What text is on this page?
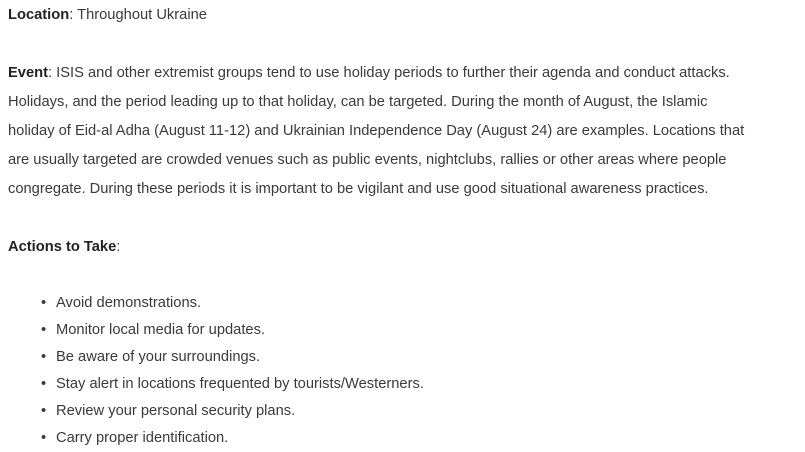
Location: Throughout Ukraine

Event: ISIS and other extremist groups tend to use holiday periods to further their agenda and conduct attacks. Holidays, and the period leading up to that holiday, can be targeted. During the month of August, the Islamic holiday of Eid-al Adha (August 11-12) and Ukrainian Independence Day (August 24) are examples. Locations that are usually targeted are crowded venues such as public events, nightclubs, rallies or other areas where people congregate. During these periods it is important to be vigilant and use good situational awareness practices.

Actions to Take:

• Avoid demonstrations.
• Monitor local media for updates.
• Be aware of your surroundings.
• Stay alert in locations frequented by tourists/Westerners.
• Review your personal security plans.
• Carry proper identification.
